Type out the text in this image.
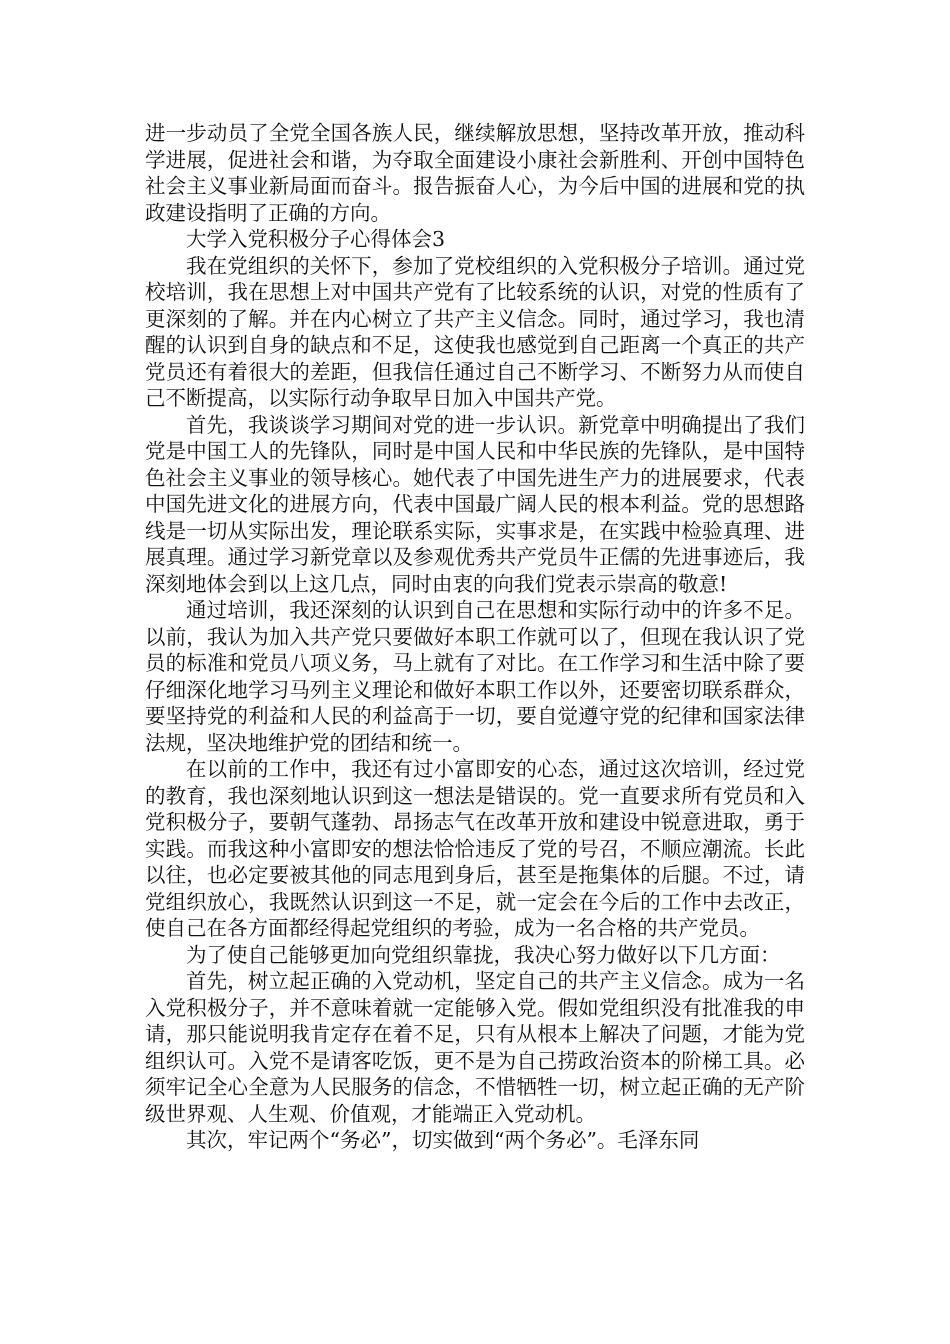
进一步动员了全党全国各族人民，继续解放思想，坚持改革开放，推动科学进展，促进社会和谐，为夺取全面建设小康社会新胜利、开创中国特色社会主义事业新局面而奋斗。报告振奋人心，为今后中国的进展和党的执政建设指明了正确的方向。

大学入党积极分子心得体会3

我在党组织的关怀下，参加了党校组织的入党积极分子培训。通过党校培训，我在思想上对中国共产党有了比较系统的认识，对党的性质有了更深刻的了解。并在内心树立了共产主义信念。同时，通过学习，我也清醒的认识到自身的缺点和不足，这使我也感觉到自己距离一个真正的共产党员还有着很大的差距，但我信任通过自己不断学习、不断努力从而使自己不断提高，以实际行动争取早日加入中国共产党。

首先，我谈谈学习期间对党的进一步认识。新党章中明确提出了我们党是中国工人的先锋队，同时是中国人民和中华民族的先锋队，是中国特色社会主义事业的领导核心。她代表了中国先进生产力的进展要求，代表中国先进文化的进展方向，代表中国最广阔人民的根本利益。党的思想路线是一切从实际出发，理论联系实际，实事求是，在实践中检验真理、进展真理。通过学习新党章以及参观优秀共产党员牛正儒的先进事迹后，我深刻地体会到以上这几点，同时由衷的向我们党表示崇高的敬意!

通过培训，我还深刻的认识到自己在思想和实际行动中的许多不足。以前，我认为加入共产党只要做好本职工作就可以了，但现在我认识了党员的标准和党员八项义务，马上就有了对比。在工作学习和生活中除了要仔细深化地学习马列主义理论和做好本职工作以外，还要密切联系群众，要坚持党的利益和人民的利益高于一切，要自觉遵守党的纪律和国家法律法规，坚决地维护党的团结和统一。

在以前的工作中，我还有过小富即安的心态，通过这次培训，经过党的教育，我也深刻地认识到这一想法是错误的。党一直要求所有党员和入党积极分子，要朝气蓬勃、昂扬志气在改革开放和建设中锐意进取，勇于实践。而我这种小富即安的想法恰恰违反了党的号召，不顺应潮流。长此以往，也必定要被其他的同志甩到身后，甚至是拖集体的后腿。不过，请党组织放心，我既然认识到这一不足，就一定会在今后的工作中去改正，使自己在各方面都经得起党组织的考验，成为一名合格的共产党员。

为了使自己能够更加向党组织靠拢，我决心努力做好以下几方面：

首先，树立起正确的入党动机，坚定自己的共产主义信念。成为一名入党积极分子，并不意味着就一定能够入党。假如党组织没有批准我的申请，那只能说明我肯定存在着不足，只有从根本上解决了问题，才能为党组织认可。入党不是请客吃饭，更不是为自己捞政治资本的阶梯工具。必须牢记全心全意为人民服务的信念，不惜牺牲一切，树立起正确的无产阶级世界观、人生观、价值观，才能端正入党动机。

其次，牢记两个“务必”，切实做到“两个务必”。毛泽东同
